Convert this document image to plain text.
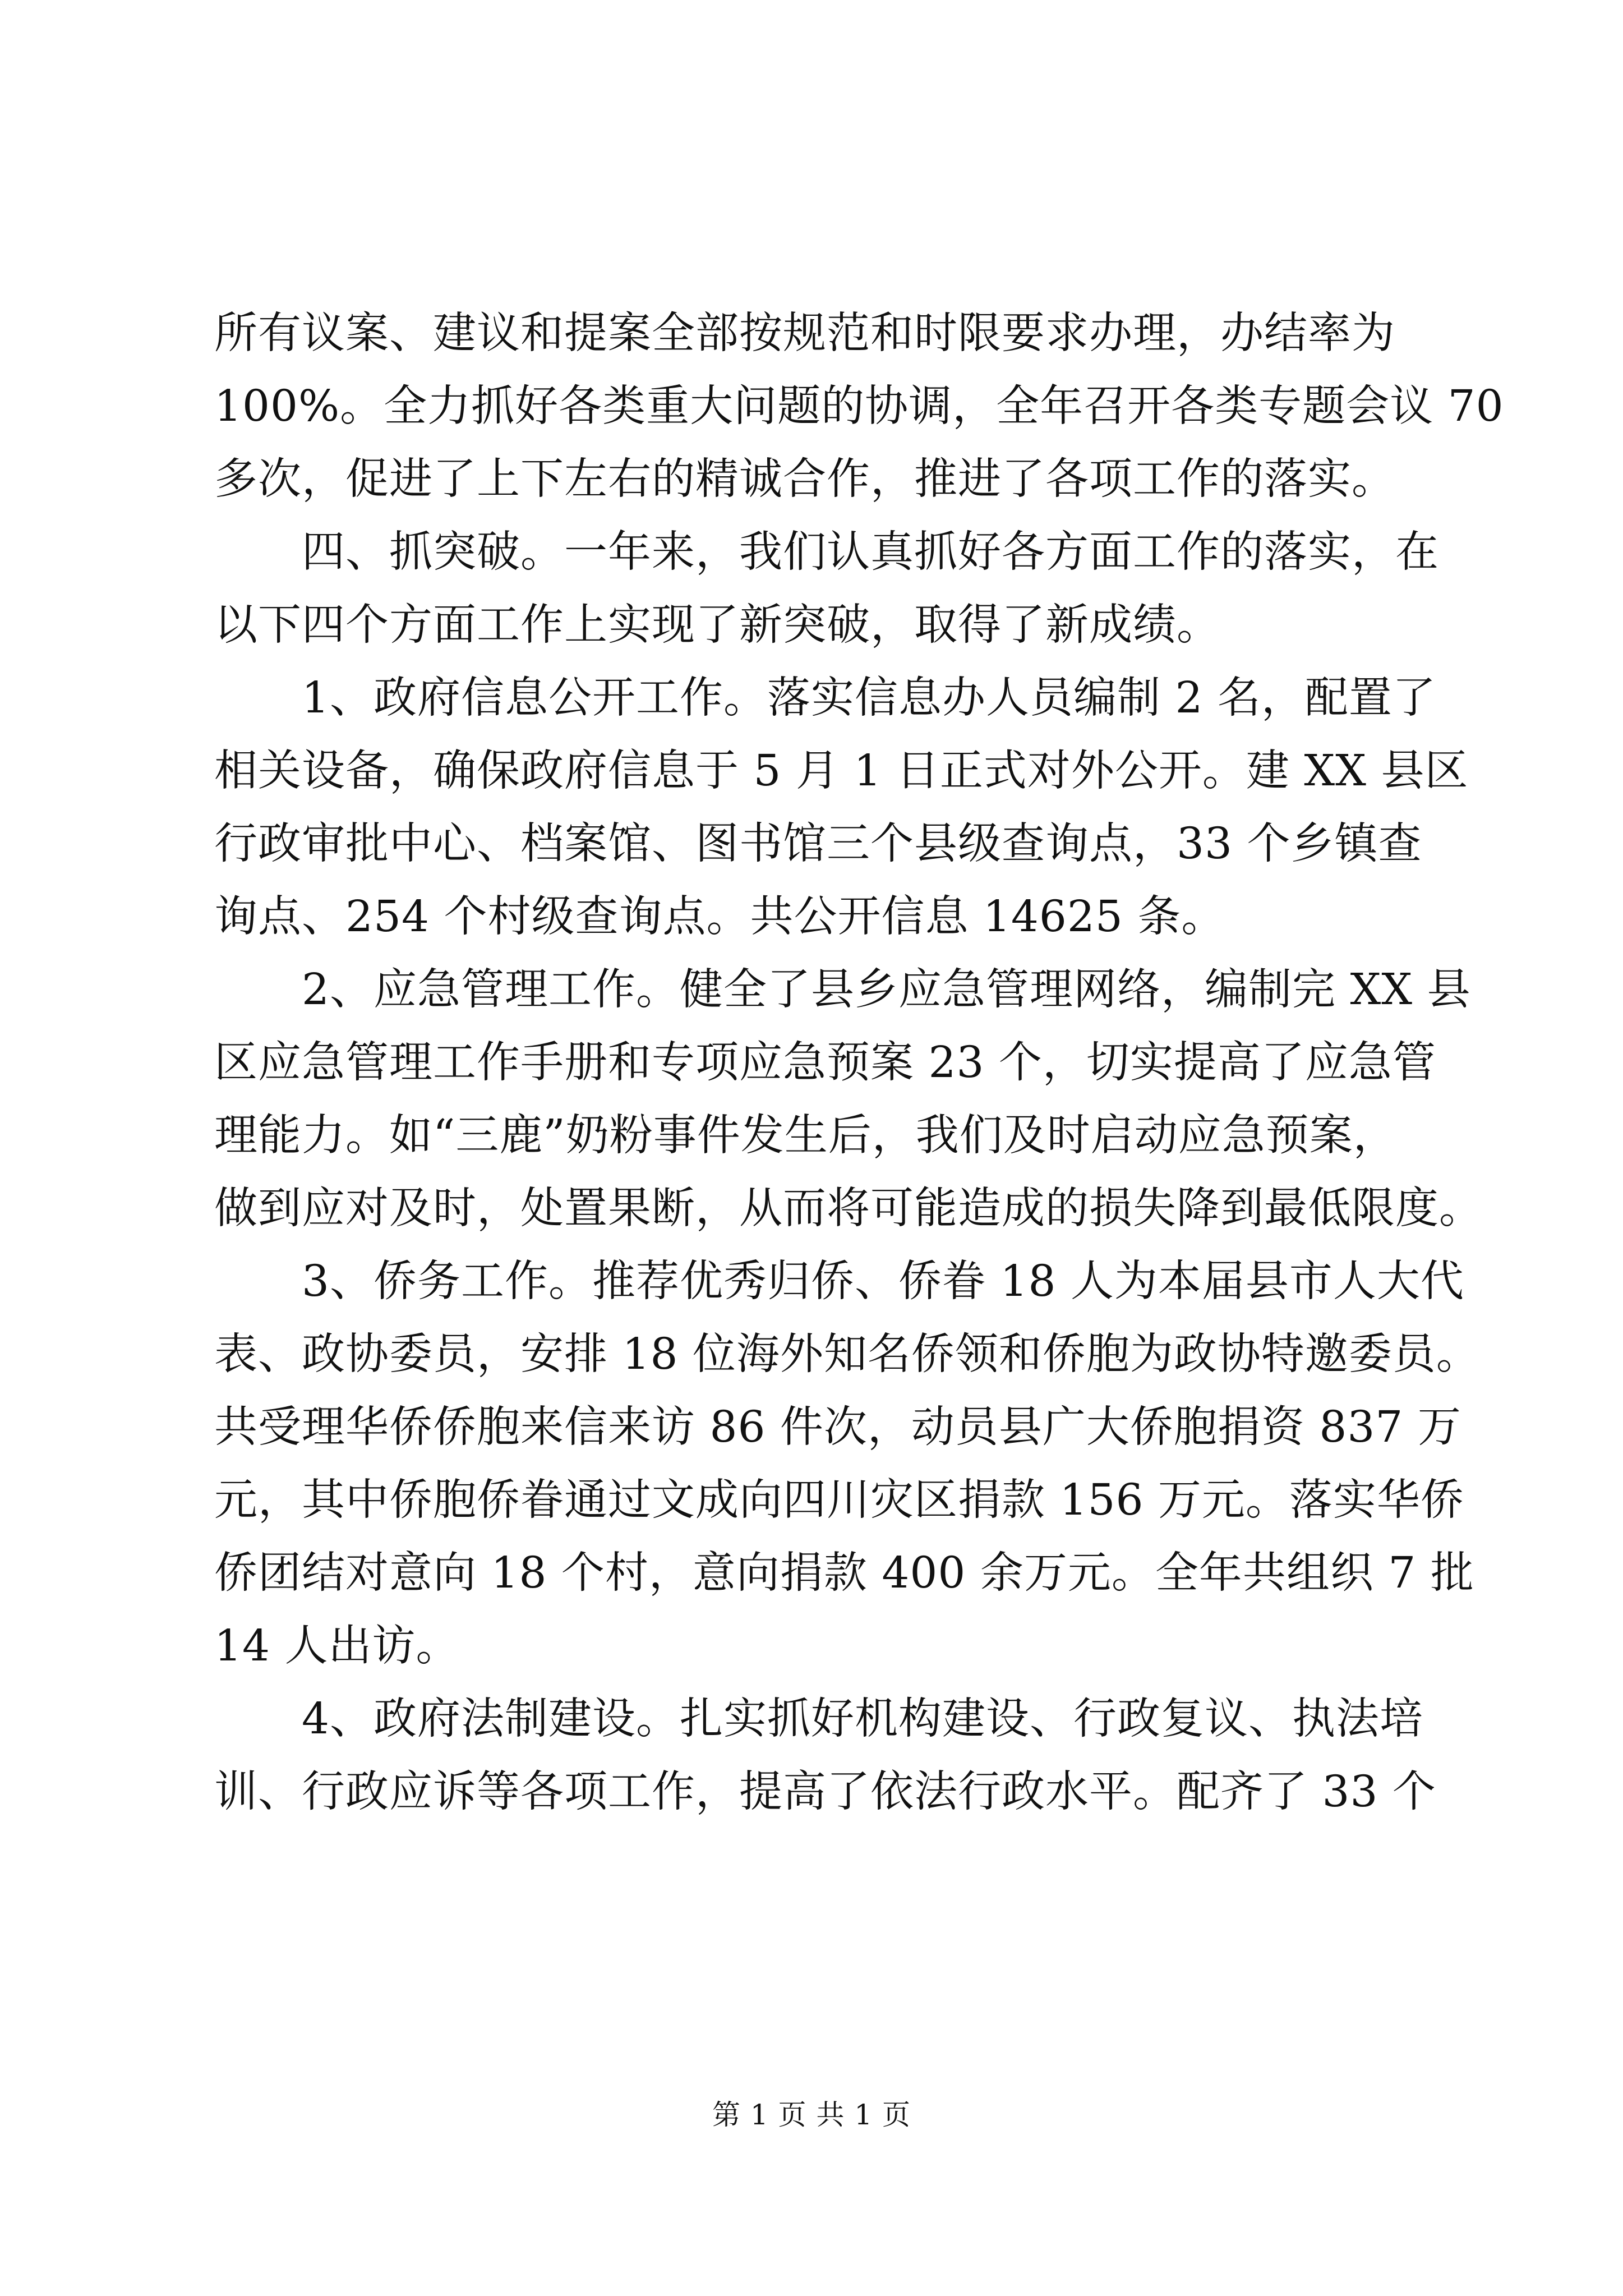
所有议案、建议和提案全部按规范和时限要求办理，办结率为
100%。全力抓好各类重大问题的协调，全年召开各类专题会议 70
多次，促进了上下左右的精诚合作，推进了各项工作的落实。
　　四、抓突破。一年来，我们认真抓好各方面工作的落实，在
以下四个方面工作上实现了新突破，取得了新成绩。
　　1、政府信息公开工作。落实信息办人员编制 2 名，配置了
相关设备，确保政府信息于 5 月 1 日正式对外公开。建 XX 县区
行政审批中心、档案馆、图书馆三个县级查询点，33 个乡镇查
询点、254 个村级查询点。共公开信息 14625 条。
　　2、应急管理工作。健全了县乡应急管理网络，编制完 XX 县
区应急管理工作手册和专项应急预案 23 个，切实提高了应急管
理能力。如“三鹿”奶粉事件发生后，我们及时启动应急预案，
做到应对及时，处置果断，从而将可能造成的损失降到最低限度。
　　3、侨务工作。推荐优秀归侨、侨眷 18 人为本届县市人大代
表、政协委员，安排 18 位海外知名侨领和侨胞为政协特邀委员。
共受理华侨侨胞来信来访 86 件次，动员县广大侨胞捐资 837 万
元，其中侨胞侨眷通过文成向四川灾区捐款 156 万元。落实华侨
侨团结对意向 18 个村，意向捐款 400 余万元。全年共组织 7 批
14 人出访。
　　4、政府法制建设。扎实抓好机构建设、行政复议、执法培
训、行政应诉等各项工作，提高了依法行政水平。配齐了 33 个
第 1 页 共 1 页
